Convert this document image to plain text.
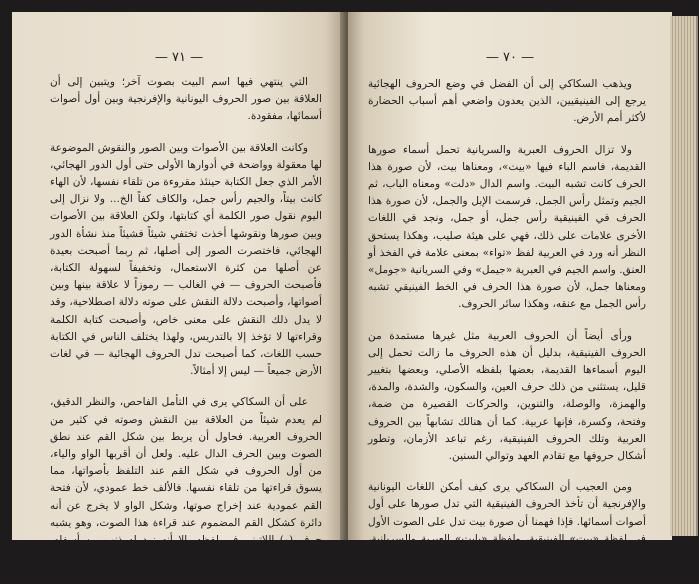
— ٧١ —

التي ينتهي فيها اسم البيت بصوت آخر؛ ويتبين إلى أن العلاقة بين صور الحروف اليونانية والإفرنجية وبين أول أصوات أسمائها، مفقودة.

وكانت العلاقة بين الأصوات وبين الصور والنقوش الموضوعة لها معقولة وواضحة في أدوارها الأولى حتى أول الدور الهجائي، الأمر الذي جعل الكتابة حينئذ مقروءة من تلقاء نفسها، لأن الهاء كانت بيتاً، والجيم رأس جمل، والكاف كفاً الخ... ولا نزال إلى اليوم نقول صور الكلمة أي كتابتها، ولكن العلاقة بين الأصوات وبين صورها ونقوشها أخذت تختفي شيئاً فشيئاً منذ نشأة الدور الهجائي، فاختصرت الصور إلى أصلها، ثم ربما أصبحت بعيدة عن أصلها من كثرة الاستعمال، وتخفيفاً لسهولة الكتابة، فأصبحت الحروف — في الغالب — رموزاً لا علاقة بينها وبين أصواتها، وأصبحت دلالة النقش على صوته دلالة اصطلاحية، وقد لا يدل ذلك النقش على معنى خاص، وأصبحت كتابة الكلمة وقراءتها لا تؤخذ إلا بالتدريس، ولهذا يختلف الناس في الكتابة حسب اللغات، كما أصبحت تدل الحروف الهجائية — في لغات الأرض جميعاً — ليس إلا أمثالاً.

على أن السكاكي يرى في التأمل الفاحص، والنظر الدقيق، لم يعدم شيئاً من العلاقة بين النقش وصوته في كثير من الحروف العربية. فحاول أن يربط بين شكل القم عند نطق الصوت وبين الحرف الدال عليه. ولعل أن أقربها الواو والياء، من أول الحروف في شكل القم عند التلفظ بأصواتها، مما يسوق قراءتها من تلقاء نفسها. فالألف خط عمودي، لأن فتحة القم عمودية عند إخراج صوتها، وشكل الواو لا يخرج عن أنه دائرة كشكل القم المضموم عند قراءة هذا الصوت، وهو يشبه حرف (و) اللاتيني في لفظه. إلا أنه زيد له ذنب من أسفله، طول مع الزمن حسب عادة العرب من مشق الحروف ومطها في أواخرها عند الإسراع في الكتابة، وهو

— ٧٠ —

ويذهب السكاكي إلى أن الفضل في وضع الحروف الهجائية يرجع إلى الفينيقيين، الذين يعدون واضعي أهم أسباب الحضارة لأكثر أمم الأرض.

ولا تزال الحروف العبرية والسريانية تحمل أسماء صورها القديمة، فاسم الباء فيها «بيت»، ومعناها بيت، لأن صورة هذا الحرف كانت تشبه البيت. واسم الدال «دلت» ومعناه الباب، ثم الجيم وتمثل رأس الجمل. فرسمت الإبل والجمل، لأن صورة هذا الحرف في الفينيقية رأس جمل، أو جمل، ونجد في اللغات الأخرى علامات على ذلك، فهي على هيئة صليب، وهكذا يستحق النظر أنه ورد في العربية لفظ «تواء» بمعنى علامة في الفخذ أو العنق. واسم الجيم في العبرية «جيمل» وفي السريانية «جومل» ومعناها جمل، لأن صورة هذا الحرف في الخط الفينيقي تشبه رأس الجمل مع عنقه، وهكذا سائر الحروف.

ورأى أيضاً أن الحروف العربية مثل غيرها مستمدة من الحروف الفينيقية، بدليل أن هذه الحروف ما زالت تحمل إلى اليوم أسماءها القديمة، بعضها بلفظه الأصلي، وبعضها بتغيير قليل، يستثنى من ذلك حرف العين، والسكون، والشدة، والمدة، والهمزة، والوصلة، والتنوين، والحركات القصيرة من ضمة، وفتحة، وكسرة، فإنها عربية. كما أن هنالك تشابهاً بين الحروف العربية وتلك الحروف الفينيقية، رغم تباعد الأزمان، وتطور أشكال حروفها مع تقادم العهد وتوالي السنين.

ومن العجيب أن السكاكي يرى كيف أمكن اللغات اليونانية والإفرنجية أن تأخذ الحروف الفينيقية التي تدل صورها على أول أصوات أسمائها. فإذا فهمنا أن صورة بيت تدل على الصوت الأول في لفظة «بيت» الفينيقية، ولفظة «بايت» العبرية والسريانية، ولفظة «بيت» العربية؛ فكيف يمكن في القديم إذن أن تدل صورة البيت على صوت (ب) في اللغات الأخرى،
